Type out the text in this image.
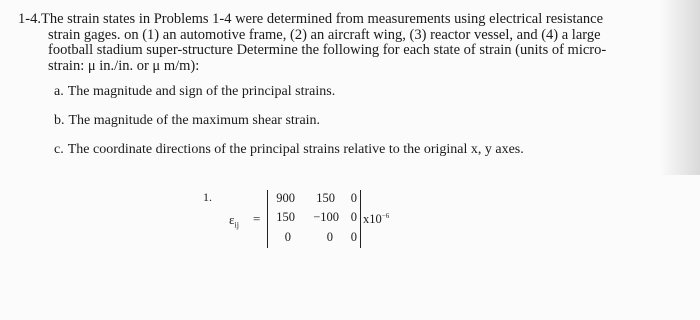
1-4.The strain states in Problems 1-4 were determined from measurements using electrical resistance
strain gages. on (1) an automotive frame, (2) an aircraft wing, (3) reactor vessel, and (4) a large
football stadium super-structure Determine the following for each state of strain (units of micro-
strain: μ in./in. or μ m/m):
a. The magnitude and sign of the principal strains.
b. The magnitude of the maximum shear strain.
c. The coordinate directions of the principal strains relative to the original x, y axes.
1.
$\varepsilon_{ij}$ =
900	150	0
150	−100 0
0	0	0
$x10^{-6}$
